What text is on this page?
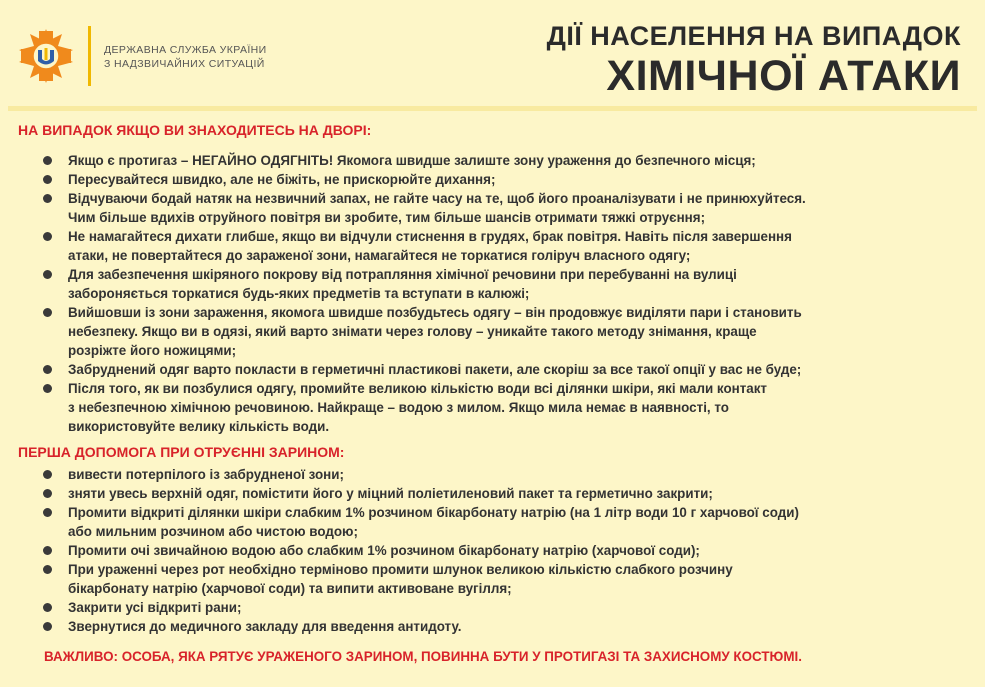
ДЕРЖАВНА СЛУЖБА УКРАЇНИ
З НАДЗВИЧАЙНИХ СИТУАЦІЙ
ДІЇ НАСЕЛЕННЯ НА ВИПАДОК
ХІМІЧНОЇ АТАКИ
НА ВИПАДОК ЯКЩО ВИ ЗНАХОДИТЕСЬ НА ДВОРІ:
Якщо є протигаз – НЕГАЙНО ОДЯГНІТЬ! Якомога швидше залиште зону ураження до безпечного місця;
Пересувайтеся швидко, але не біжіть, не прискорюйте дихання;
Відчуваючи бодай натяк на незвичний запах, не гайте часу на те, щоб його проаналізувати і не принюхуйтеся.
Чим більше вдихів отруйного повітря ви зробите, тим більше шансів отримати тяжкі отруєння;
Не намагайтеся дихати глибше, якщо ви відчули стиснення в грудях, брак повітря. Навіть після завершення
атаки, не повертайтеся до зараженої зони, намагайтеся не торкатися голіруч власного одягу;
Для забезпечення шкіряного покрову від потрапляння хімічної речовини при перебуванні на вулиці
забороняється торкатися будь-яких предметів та вступати в калюжі;
Вийшовши із зони зараження, якомога швидше позбудьтесь одягу – він продовжує виділяти пари і становить
небезпеку. Якщо ви в одязі, який варто знімати через голову – уникайте такого методу знімання, краще
розріжте його ножицями;
Забруднений одяг варто покласти в герметичні пластикові пакети, але скоріш за все такої опції у вас не буде;
Після того, як ви позбулися одягу, промийте великою кількістю води всі ділянки шкіри, які мали контакт
з небезпечною хімічною речовиною. Найкраще – водою з милом. Якщо мила немає в наявності, то
використовуйте велику кількість води.
ПЕРША ДОПОМОГА ПРИ ОТРУЄННІ ЗАРИНОМ:
вивести потерпілого із забрудненої зони;
зняти увесь верхній одяг, помістити його у міцний поліетиленовий пакет та герметично закрити;
Промити відкриті ділянки шкіри слабким 1% розчином бікарбонату натрію (на 1 літр води 10 г харчової соди)
або мильним розчином або чистою водою;
Промити очі звичайною водою або слабким 1% розчином бікарбонату натрію (харчової соди);
При ураженні через рот необхідно терміново промити шлунок великою кількістю слабкого розчину
бікарбонату натрію (харчової соди) та випити активоване вугілля;
Закрити усі відкриті рани;
Звернутися до медичного закладу для введення антидоту.
ВАЖЛИВО: ОСОБА, ЯКА РЯТУЄ УРАЖЕНОГО ЗАРИНОМ, ПОВИННА БУТИ У ПРОТИГАЗІ ТА ЗАХИСНОМУ КОСТЮМІ.
